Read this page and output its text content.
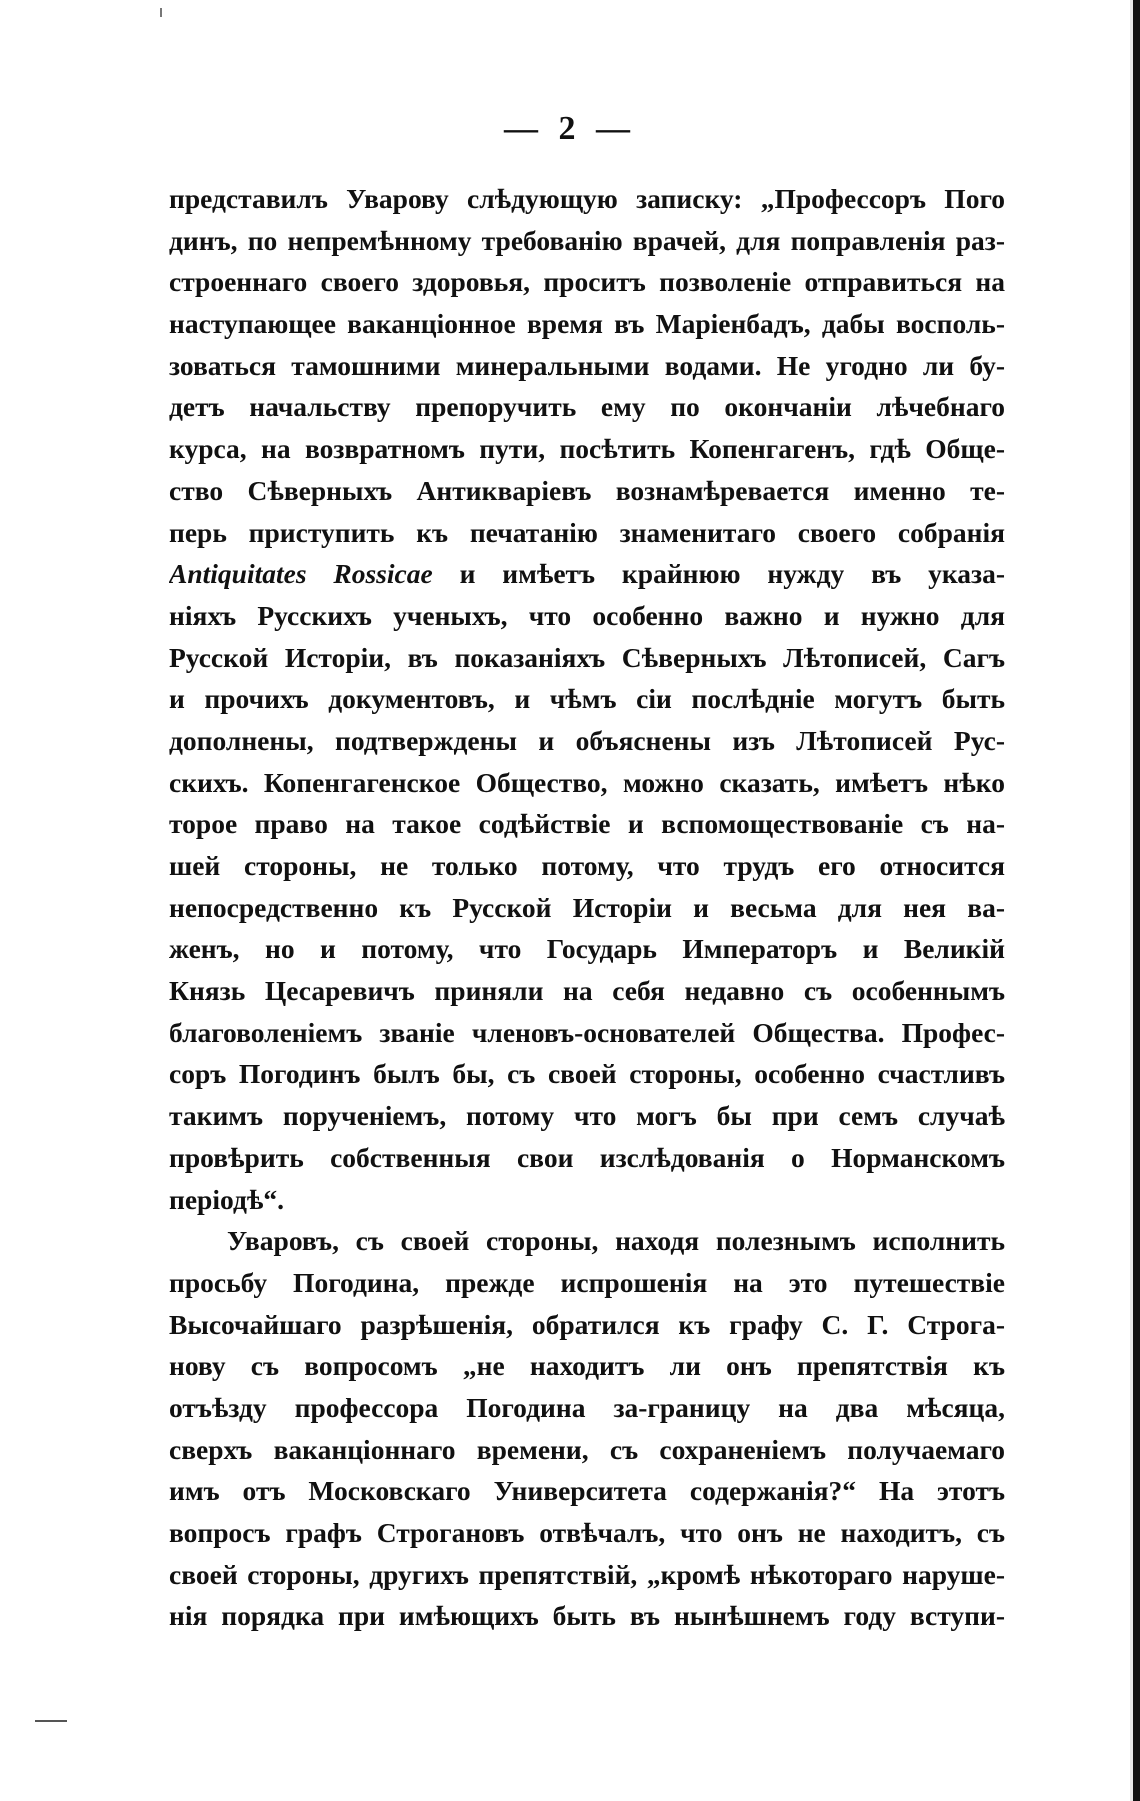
— 2 —
представилъ Уварову слѣдующую записку: „Профессоръ Пого
динъ, по непремѣнному требованію врачей, для поправленія раз-
строеннаго своего здоровья, проситъ позволеніе отправиться на
наступающее ваканціонное время въ Маріенбадъ, дабы восполь-
зоваться тамошними минеральными водами. Не угодно ли бу-
детъ начальству препоручить ему по окончаніи лѣчебнаго
курса, на возвратномъ пути, посѣтить Копенгагенъ, гдѣ Обще-
ство Сѣверныхъ Антикваріевъ вознамѣревается именно те-
перь приступить къ печатанію знаменитаго своего собранія
Antiquitates Rossicae и имѣетъ крайнюю нужду въ указа-
ніяхъ Русскихъ ученыхъ, что особенно важно и нужно для
Русской Исторіи, въ показаніяхъ Сѣверныхъ Лѣтописей, Сагъ
и прочихъ документовъ, и чѣмъ сіи послѣдніе могутъ быть
дополнены, подтверждены и объяснены изъ Лѣтописей Рус-
скихъ. Копенгагенское Общество, можно сказать, имѣетъ нѣко
торое право на такое содѣйствіе и вспомоществованіе съ на-
шей стороны, не только потому, что трудъ его относится
непосредственно къ Русской Исторіи и весьма для нея ва-
женъ, но и потому, что Государь Императоръ и Великій
Князь Цесаревичъ приняли на себя недавно съ особеннымъ
благоволеніемъ званіе членовъ-основателей Общества. Профес-
соръ Погодинъ былъ бы, съ своей стороны, особенно счастливъ
такимъ порученіемъ, потому что могъ бы при семъ случаѣ
провѣрить собственныя свои изслѣдованія о Норманскомъ
періодѣ“.
Уваровъ, съ своей стороны, находя полезнымъ исполнить
просьбу Погодина, прежде испрошенія на это путешествіе
Высочайшаго разрѣшенія, обратился къ графу С. Г. Строга-
нову съ вопросомъ „не находитъ ли онъ препятствія къ
отъѣзду профессора Погодина за-границу на два мѣсяца,
сверхъ ваканціоннаго времени, съ сохраненіемъ получаемаго
имъ отъ Московскаго Университета содержанія?“ На этотъ
вопросъ графъ Строгановъ отвѣчалъ, что онъ не находитъ, съ
своей стороны, другихъ препятствій, „кромѣ нѣкотораго наруше-
нія порядка при имѣющихъ быть въ нынѣшнемъ году вступи-
